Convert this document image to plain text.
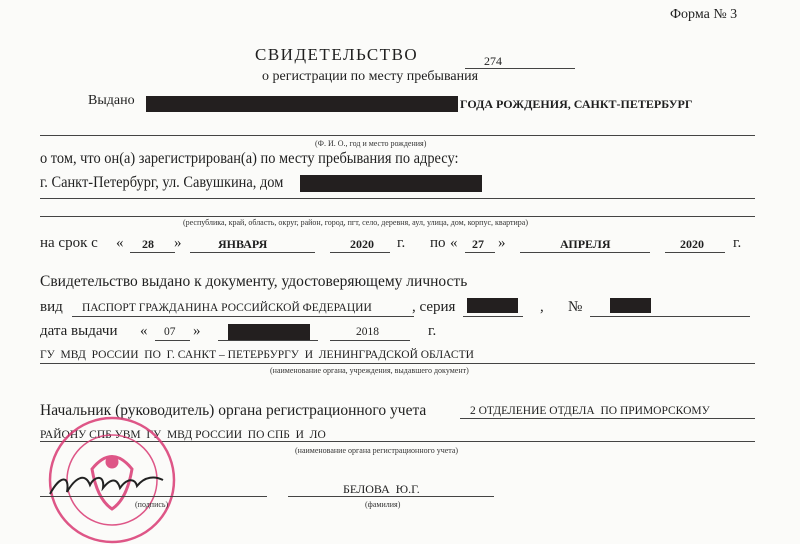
Форма № 3
СВИДЕТЕЛЬСТВО	274
о регистрации по месту пребывания
Выдано	ГОДА РОЖДЕНИЯ, САНКТ-ПЕТЕРБУРГ
(Ф. И. О., год и место рождения)
о том, что он(а) зарегистрирован(а) по месту пребывания по адресу:
г. Санкт-Петербург, ул. Савушкина, дом
(республика, край, область, округ, район, город, пгт, село, деревня, аул, улица, дом, корпус, квартира)
на срок с « 28 »	ЯНВАРЯ	2020 г. по « 27 »	АПРЕЛЯ	2020 г.
Свидетельство выдано к документу, удостоверяющему личность
вид ПАСПОРТ ГРАЖДАНИНА РОССИЙСКОЙ ФЕДЕРАЦИИ	, серия	, №
дата выдачи « 07 »	2018	г.
ГУ  МВД  РОССИИ  ПО  Г. САНКТ – ПЕТЕРБУРГУ  И  ЛЕНИНГРАДСКОЙ ОБЛАСТИ
(наименование органа, учреждения, выдавшего документ)
Начальник (руководитель) органа регистрационного учета	2 ОТДЕЛЕНИЕ ОТДЕЛА  ПО ПРИМОРСКОМУ
РАЙОНУ СПБ УВМ  ГУ  МВД РОССИИ  ПО СПБ  И  ЛО
(наименование органа регистрационного учета)
(подпись)
БЕЛОВА  Ю.Г.
(фамилия)
